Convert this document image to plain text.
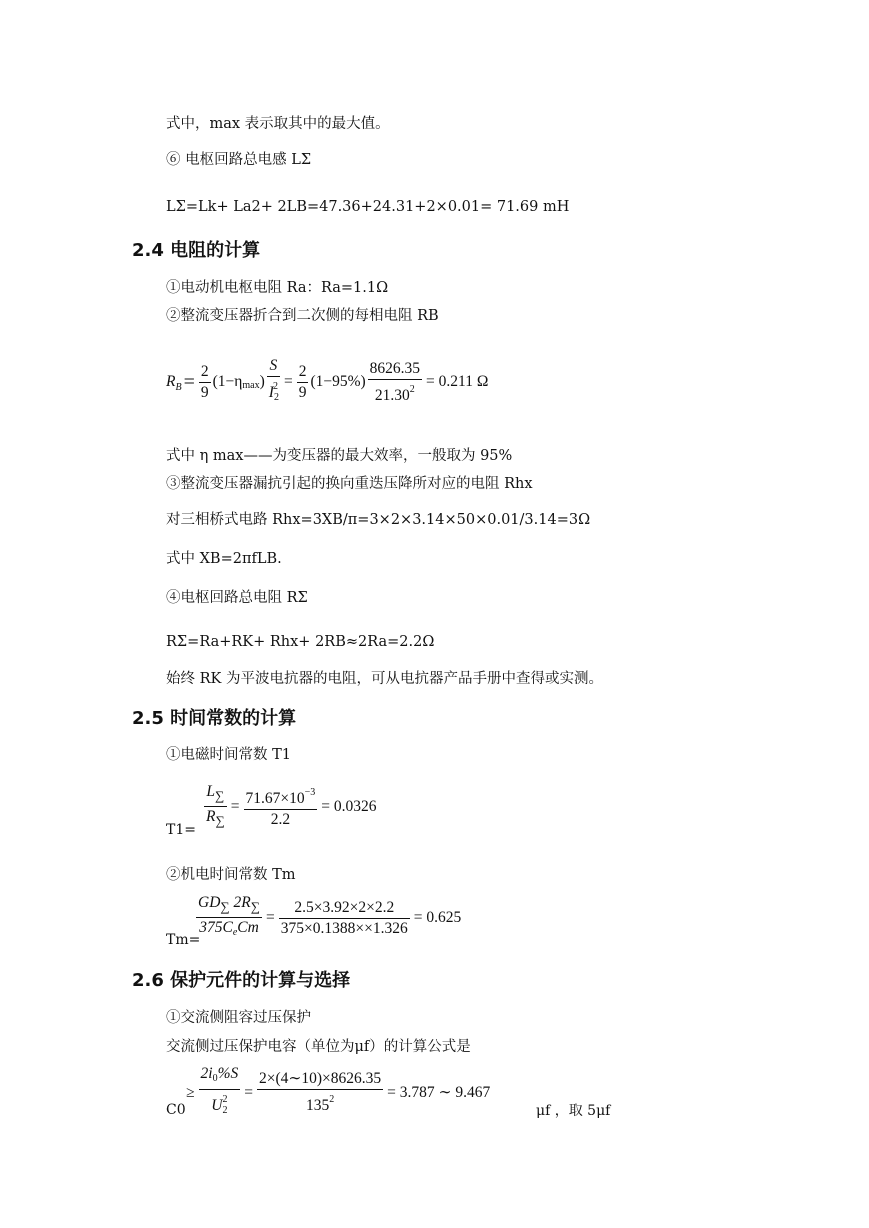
式中，max 表示取其中的最大值。
⑥ 电枢回路总电感 LΣ
LΣ=Lk+ La2+ 2LB=47.36+24.31+2×0.01= 71.69 mH
2.4 电阻的计算
①电动机电枢电阻 Ra：Ra=1.1Ω
②整流变压器折合到二次侧的每相电阻 RB
R $B = \frac{2}{9} (1-\eta$ max ) $\frac{S}{I2^2} = \frac{2}{9} (1-95\%) \frac{8626.35}{21.30^2} = 0.211$ Ω
式中 η max——为变压器的最大效率，一般取为 95%
③整流变压器漏抗引起的换向重迭压降所对应的电阻 Rhx
对三相桥式电路 Rhx=3XB/π=3×2×3.14×50×0.01/3.14=3Ω
式中 XB=2πfLB.
④电枢回路总电阻 RΣ
RΣ=Ra+RK+ Rhx+ 2RB≈2Ra=2.2Ω
始终 RK 为平波电抗器的电阻，可从电抗器产品手册中查得或实测。
2.5 时间常数的计算
①电磁时间常数 T1
$T1= \frac{L_\sum}{R_\sum} = \frac{71.67\times 10^{-3}}{2.2} = 0.0326$
②机电时间常数 Tm
Tm=
$\frac{GD_\sum 2R_\sum}{\text{375CeCm}} = \frac{2.5\times 3.92\times 2\times 2.2}{375\times 0.1388\times\times 1.326} = 0.625$
2.6 保护元件的计算与选择
①交流侧阻容过压保护
交流侧过压保护电容（单位为μf）的计算公式是
C0
≥ $\frac{2i0\%S}{U2^2} = \frac{2\times(4\sim 10)\times 8626.35}{135^2} = 3.787$ ∼ 9.467
μf ，取 5μf
